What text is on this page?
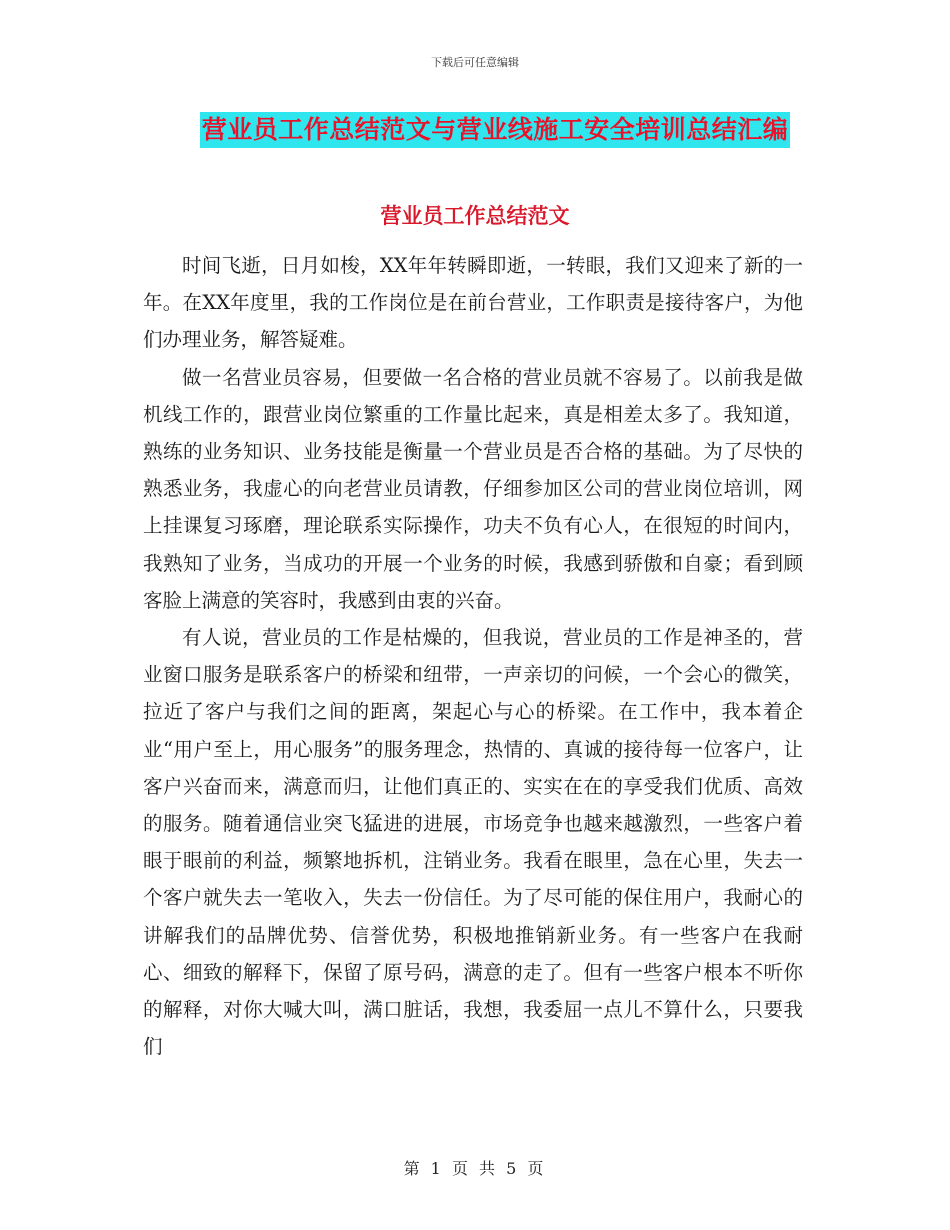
下载后可任意编辑
营业员工作总结范文与营业线施工安全培训总结汇编
营业员工作总结范文

时间飞逝，日月如梭，XX年年转瞬即逝，一转眼，我们又迎来了新的一年。在XX年度里，我的工作岗位是在前台营业，工作职责是接待客户，为他们办理业务，解答疑难。

做一名营业员容易，但要做一名合格的营业员就不容易了。以前我是做机线工作的，跟营业岗位繁重的工作量比起来，真是相差太多了。我知道，熟练的业务知识、业务技能是衡量一个营业员是否合格的基础。为了尽快的熟悉业务，我虚心的向老营业员请教，仔细参加区公司的营业岗位培训，网上挂课复习琢磨，理论联系实际操作，功夫不负有心人，在很短的时间内，我熟知了业务，当成功的开展一个业务的时候，我感到骄傲和自豪；看到顾客脸上满意的笑容时，我感到由衷的兴奋。

有人说，营业员的工作是枯燥的，但我说，营业员的工作是神圣的，营业窗口服务是联系客户的桥梁和纽带，一声亲切的问候，一个会心的微笑，拉近了客户与我们之间的距离，架起心与心的桥梁。在工作中，我本着企业“用户至上，用心服务”的服务理念，热情的、真诚的接待每一位客户，让客户兴奋而来，满意而归，让他们真正的、实实在在的享受我们优质、高效的服务。随着通信业突飞猛进的进展，市场竞争也越来越激烈，一些客户着眼于眼前的利益，频繁地拆机，注销业务。我看在眼里，急在心里，失去一个客户就失去一笔收入，失去一份信任。为了尽可能的保住用户，我耐心的讲解我们的品牌优势、信誉优势，积极地推销新业务。有一些客户在我耐心、细致的解释下，保留了原号码，满意的走了。但有一些客户根本不听你的解释，对你大喊大叫，满口脏话，我想，我委屈一点儿不算什么，只要我们

第 1 页 共 5 页
